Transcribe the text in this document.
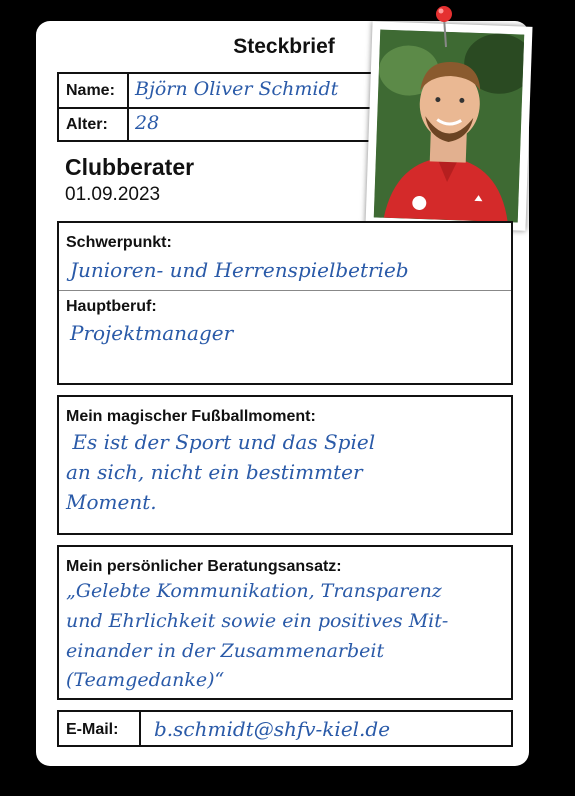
Steckbrief
Name: Björn Oliver Schmidt
Alter: 28
Clubberater
01.09.2023
Schwerpunkt:
Junioren- und Herrenspielbetrieb
Hauptberuf:
Projektmanager
Mein magischer Fußballmoment:
Es ist der Sport und das Spiel
an sich, nicht ein bestimmter
Moment.
Mein persönlicher Beratungsansatz:
„Gelebte Kommunikation, Transparenz
und Ehrlichkeit sowie ein positives Mit-
einander in der Zusammenarbeit
(Teamgedanke)“
E-Mail: b.schmidt@shfv-kiel.de
